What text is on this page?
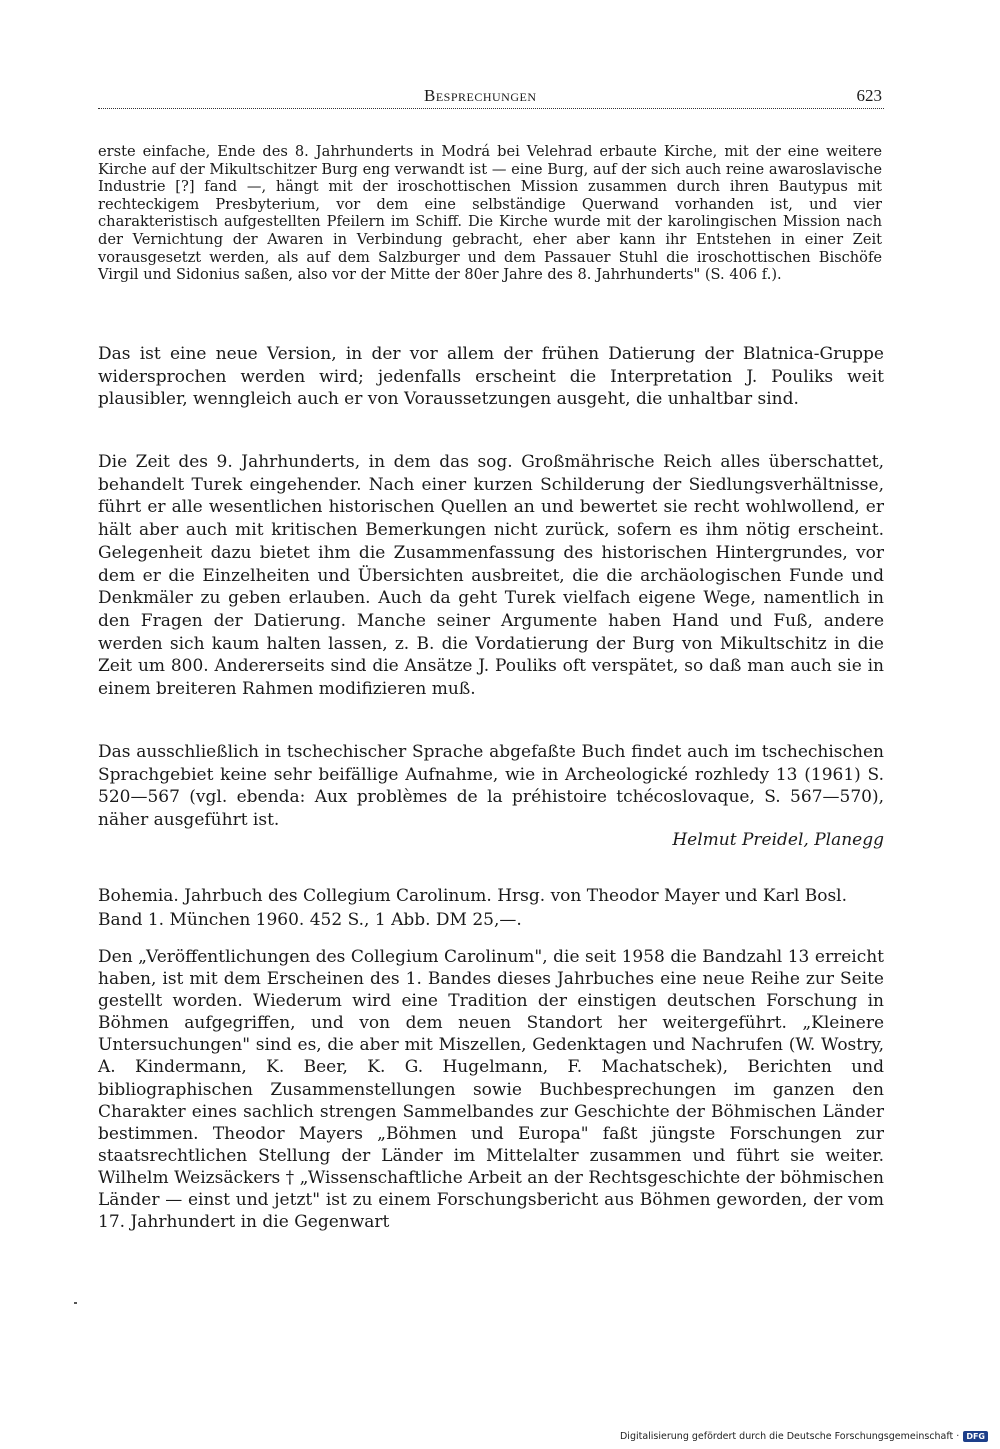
Besprechungen	623
erste einfache, Ende des 8. Jahrhunderts in Modrá bei Velehrad erbaute Kirche, mit der eine weitere Kirche auf der Mikultschitzer Burg eng verwandt ist — eine Burg, auf der sich auch reine awaroslavische Industrie [?] fand —, hängt mit der iroschottischen Mission zusammen durch ihren Bautypus mit rechteckigem Presbyterium, vor dem eine selbständige Querwand vorhanden ist, und vier charakteristisch aufgestellten Pfeilern im Schiff. Die Kirche wurde mit der karolingischen Mission nach der Vernichtung der Awaren in Verbindung gebracht, eher aber kann ihr Entstehen in einer Zeit vorausgesetzt werden, als auf dem Salzburger und dem Passauer Stuhl die iroschottischen Bischöfe Virgil und Sidonius saßen, also vor der Mitte der 80er Jahre des 8. Jahrhunderts" (S. 406 f.).
Das ist eine neue Version, in der vor allem der frühen Datierung der Blatnica-Gruppe widersprochen werden wird; jedenfalls erscheint die Interpretation J. Pouliks weit plausibler, wenngleich auch er von Voraussetzungen ausgeht, die unhaltbar sind.
Die Zeit des 9. Jahrhunderts, in dem das sog. Großmährische Reich alles überschattet, behandelt Turek eingehender. Nach einer kurzen Schilderung der Siedlungsverhältnisse, führt er alle wesentlichen historischen Quellen an und bewertet sie recht wohlwollend, er hält aber auch mit kritischen Bemerkungen nicht zurück, sofern es ihm nötig erscheint. Gelegenheit dazu bietet ihm die Zusammenfassung des historischen Hintergrundes, vor dem er die Einzelheiten und Übersichten ausbreitet, die die archäologischen Funde und Denkmäler zu geben erlauben. Auch da geht Turek vielfach eigene Wege, namentlich in den Fragen der Datierung. Manche seiner Argumente haben Hand und Fuß, andere werden sich kaum halten lassen, z. B. die Vordatierung der Burg von Mikultschitz in die Zeit um 800. Andererseits sind die Ansätze J. Pouliks oft verspätet, so daß man auch sie in einem breiteren Rahmen modifizieren muß.
Das ausschließlich in tschechischer Sprache abgefaßte Buch findet auch im tschechischen Sprachgebiet keine sehr beifällige Aufnahme, wie in Archeologické rozhledy 13 (1961) S. 520—567 (vgl. ebenda: Aux problèmes de la préhistoire tchécoslovaque, S. 567—570), näher ausgeführt ist.
Helmut Preidel, Planegg
Bohemia. Jahrbuch des Collegium Carolinum. Hrsg. von Theodor Mayer und Karl Bosl. Band 1. München 1960. 452 S., 1 Abb. DM 25,—.
Den „Veröffentlichungen des Collegium Carolinum", die seit 1958 die Bandzahl 13 erreicht haben, ist mit dem Erscheinen des 1. Bandes dieses Jahrbuches eine neue Reihe zur Seite gestellt worden. Wiederum wird eine Tradition der einstigen deutschen Forschung in Böhmen aufgegriffen, und von dem neuen Standort her weitergeführt. „Kleinere Untersuchungen" sind es, die aber mit Miszellen, Gedenktagen und Nachrufen (W. Wostry, A. Kindermann, K. Beer, K. G. Hugelmann, F. Machatschek), Berichten und bibliographischen Zusammenstellungen sowie Buchbesprechungen im ganzen den Charakter eines sachlich strengen Sammelbandes zur Geschichte der Böhmischen Länder bestimmen. Theodor Mayers „Böhmen und Europa" faßt jüngste Forschungen zur staatsrechtlichen Stellung der Länder im Mittelalter zusammen und führt sie weiter. Wilhelm Weizsäckers † „Wissenschaftliche Arbeit an der Rechtsgeschichte der böhmischen Länder — einst und jetzt" ist zu einem Forschungsbericht aus Böhmen geworden, der vom 17. Jahrhundert in die Gegenwart
Digitalisierung gefördert durch die Deutsche Forschungsgemeinschaft · DFG
